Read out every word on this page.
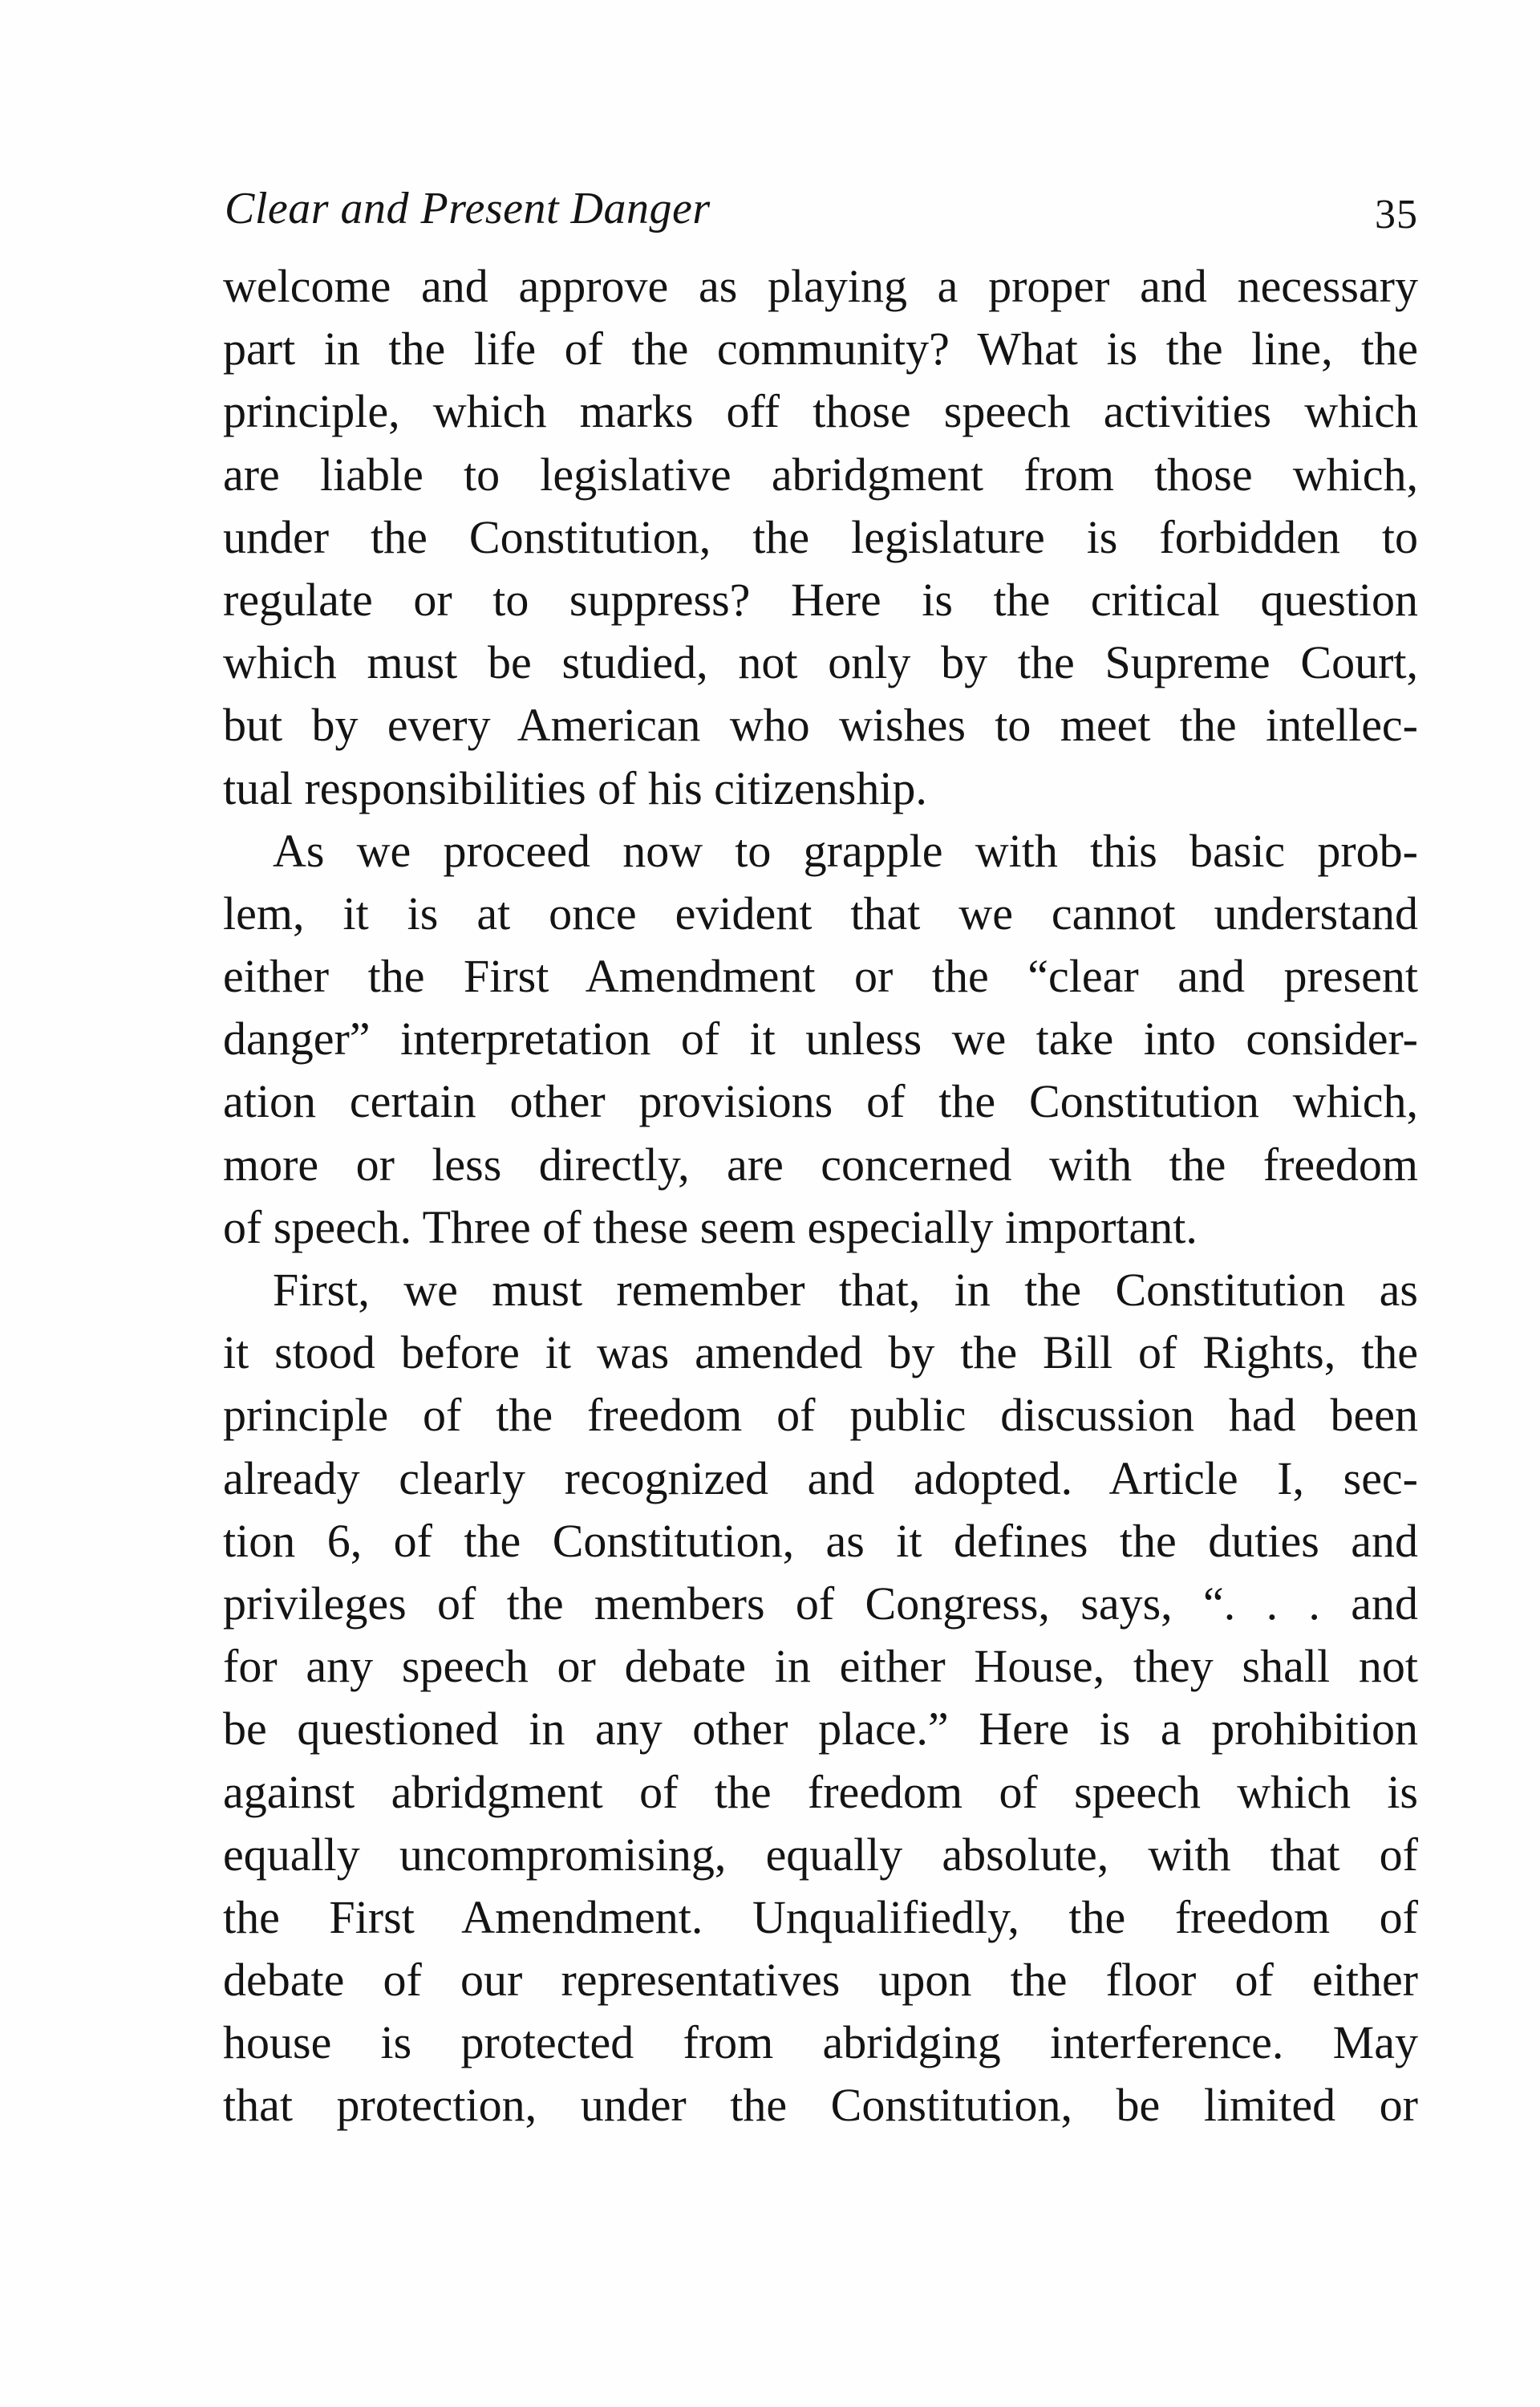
Clear and Present Danger	35
welcome and approve as playing a proper and necessary
part in the life of the community? What is the line, the
principle, which marks off those speech activities which
are liable to legislative abridgment from those which,
under the Constitution, the legislature is forbidden to
regulate or to suppress? Here is the critical question
which must be studied, not only by the Supreme Court,
but by every American who wishes to meet the intellec-
tual responsibilities of his citizenship.
As we proceed now to grapple with this basic prob-
lem, it is at once evident that we cannot understand
either the First Amendment or the “clear and present
danger” interpretation of it unless we take into consider-
ation certain other provisions of the Constitution which,
more or less directly, are concerned with the freedom
of speech. Three of these seem especially important.
First, we must remember that, in the Constitution as
it stood before it was amended by the Bill of Rights, the
principle of the freedom of public discussion had been
already clearly recognized and adopted. Article I, sec-
tion 6, of the Constitution, as it defines the duties and
privileges of the members of Congress, says, “. . . and
for any speech or debate in either House, they shall not
be questioned in any other place.” Here is a prohibition
against abridgment of the freedom of speech which is
equally uncompromising, equally absolute, with that of
the First Amendment. Unqualifiedly, the freedom of
debate of our representatives upon the floor of either
house is protected from abridging interference. May
that protection, under the Constitution, be limited or
